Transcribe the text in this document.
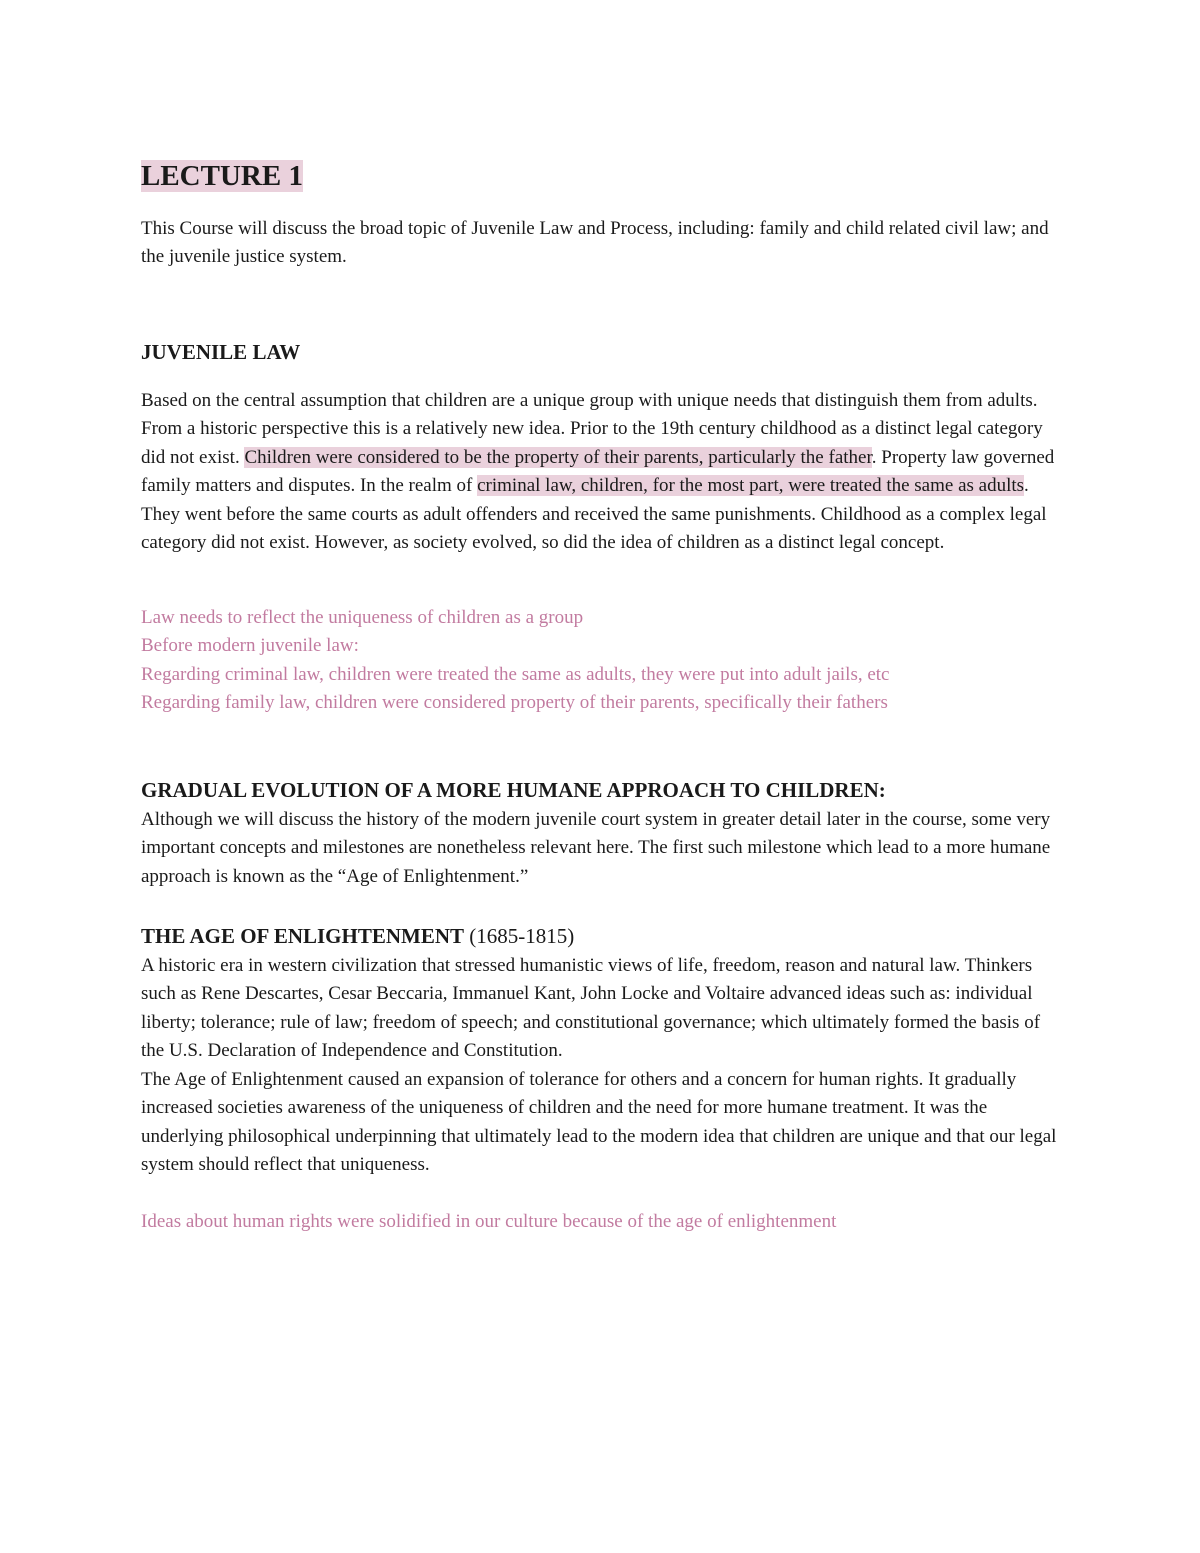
LECTURE 1

This Course will discuss the broad topic of Juvenile Law and Process, including: family and child related civil law; and the juvenile justice system.

JUVENILE LAW

Based on the central assumption that children are a unique group with unique needs that distinguish them from adults. From a historic perspective this is a relatively new idea. Prior to the 19th century childhood as a distinct legal category did not exist. Children were considered to be the property of their parents, particularly the father. Property law governed family matters and disputes. In the realm of criminal law, children, for the most part, were treated the same as adults. They went before the same courts as adult offenders and received the same punishments. Childhood as a complex legal category did not exist. However, as society evolved, so did the idea of children as a distinct legal concept.

Law needs to reflect the uniqueness of children as a group
Before modern juvenile law:
Regarding criminal law, children were treated the same as adults, they were put into adult jails, etc
Regarding family law, children were considered property of their parents, specifically their fathers
GRADUAL EVOLUTION OF A MORE HUMANE APPROACH TO CHILDREN:

Although we will discuss the history of the modern juvenile court system in greater detail later in the course, some very important concepts and milestones are nonetheless relevant here. The first such milestone which lead to a more humane approach is known as the “Age of Enlightenment.”

THE AGE OF ENLIGHTENMENT (1685-1815)

A historic era in western civilization that stressed humanistic views of life, freedom, reason and natural law. Thinkers such as Rene Descartes, Cesar Beccaria, Immanuel Kant, John Locke and Voltaire advanced ideas such as: individual liberty; tolerance; rule of law; freedom of speech; and constitutional governance; which ultimately formed the basis of the U.S. Declaration of Independence and Constitution.

The Age of Enlightenment caused an expansion of tolerance for others and a concern for human rights. It gradually increased societies awareness of the uniqueness of children and the need for more humane treatment. It was the underlying philosophical underpinning that ultimately lead to the modern idea that children are unique and that our legal system should reflect that uniqueness.

Ideas about human rights were solidified in our culture because of the age of enlightenment
